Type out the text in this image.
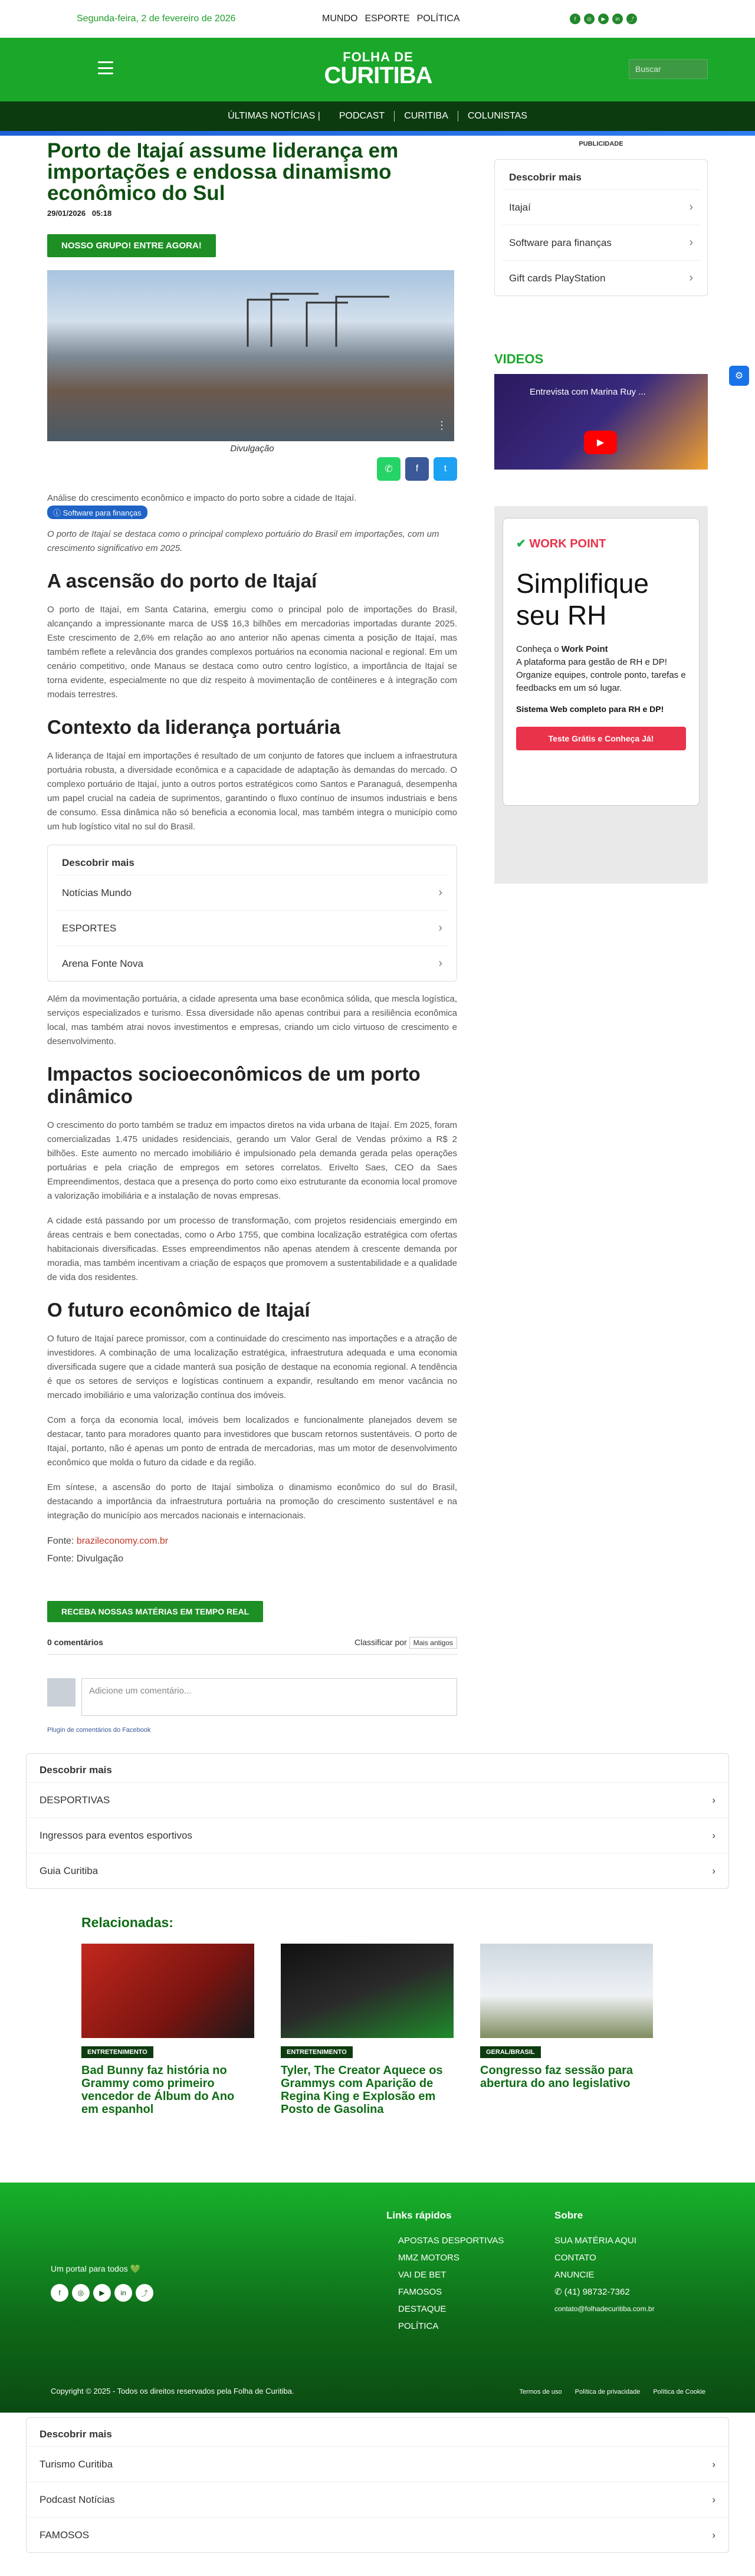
Segunda-feira, 2 de fevereiro de 2026	MUNDO ESPORTE POLÍTICA	f	◎	▶	in	⤴
FOLHA DE
CURITIBA	Buscar
ÚLTIMAS NOTÍCIAS |	PODCAST	CURITIBA	COLUNISTAS
Porto de Itajaí assume liderança em importações e endossa dinamismo econômico do Sul
29/01/2026 05:18
NOSSO GRUPO! ENTRE AGORA!
⋮
Divulgação
✆	f	t

Análise do crescimento econômico e impacto do porto sobre a cidade de Itajaí.

ⓘ Software para finanças

O porto de Itajaí se destaca como o principal complexo portuário do Brasil em importações, com um crescimento significativo em 2025.

A ascensão do porto de Itajaí

O porto de Itajaí, em Santa Catarina, emergiu como o principal polo de importações do Brasil, alcançando a impressionante marca de US$ 16,3 bilhões em mercadorias importadas durante 2025. Este crescimento de 2,6% em relação ao ano anterior não apenas cimenta a posição de Itajaí, mas também reflete a relevância dos grandes complexos portuários na economia nacional e regional. Em um cenário competitivo, onde Manaus se destaca como outro centro logístico, a importância de Itajaí se torna evidente, especialmente no que diz respeito à movimentação de contêineres e à integração com modais terrestres.

Contexto da liderança portuária

A liderança de Itajaí em importações é resultado de um conjunto de fatores que incluem a infraestrutura portuária robusta, a diversidade econômica e a capacidade de adaptação às demandas do mercado. O complexo portuário de Itajaí, junto a outros portos estratégicos como Santos e Paranaguá, desempenha um papel crucial na cadeia de suprimentos, garantindo o fluxo contínuo de insumos industriais e bens de consumo. Essa dinâmica não só beneficia a economia local, mas também integra o município como um hub logístico vital no sul do Brasil.

Descobrir mais
Notícias Mundo	›
ESPORTES	›
Arena Fonte Nova	›

Além da movimentação portuária, a cidade apresenta uma base econômica sólida, que mescla logística, serviços especializados e turismo. Essa diversidade não apenas contribui para a resiliência econômica local, mas também atrai novos investimentos e empresas, criando um ciclo virtuoso de crescimento e desenvolvimento.

Impactos socioeconômicos de um porto dinâmico

O crescimento do porto também se traduz em impactos diretos na vida urbana de Itajaí. Em 2025, foram comercializadas 1.475 unidades residenciais, gerando um Valor Geral de Vendas próximo a R$ 2 bilhões. Este aumento no mercado imobiliário é impulsionado pela demanda gerada pelas operações portuárias e pela criação de empregos em setores correlatos. Erivelto Saes, CEO da Saes Empreendimentos, destaca que a presença do porto como eixo estruturante da economia local promove a valorização imobiliária e a instalação de novas empresas.

A cidade está passando por um processo de transformação, com projetos residenciais emergindo em áreas centrais e bem conectadas, como o Arbo 1755, que combina localização estratégica com ofertas habitacionais diversificadas. Esses empreendimentos não apenas atendem à crescente demanda por moradia, mas também incentivam a criação de espaços que promovem a sustentabilidade e a qualidade de vida dos residentes.

O futuro econômico de Itajaí

O futuro de Itajaí parece promissor, com a continuidade do crescimento nas importações e a atração de investidores. A combinação de uma localização estratégica, infraestrutura adequada e uma economia diversificada sugere que a cidade manterá sua posição de destaque na economia regional. A tendência é que os setores de serviços e logísticas continuem a expandir, resultando em menor vacância no mercado imobiliário e uma valorização contínua dos imóveis.

Com a força da economia local, imóveis bem localizados e funcionalmente planejados devem se destacar, tanto para moradores quanto para investidores que buscam retornos sustentáveis. O porto de Itajaí, portanto, não é apenas um ponto de entrada de mercadorias, mas um motor de desenvolvimento econômico que molda o futuro da cidade e da região.

Em síntese, a ascensão do porto de Itajaí simboliza o dinamismo econômico do sul do Brasil, destacando a importância da infraestrutura portuária na promoção do crescimento sustentável e na integração do município aos mercados nacionais e internacionais.

Fonte: brazileconomy.com.br
Fonte: Divulgação
RECEBA NOSSAS MATÉRIAS EM TEMPO REAL
0 comentários	Classificar por Mais antigos
Adicione um comentário...
Plugin de comentários do Facebook
PUBLICIDADE
Descobrir mais
Itajaí	›
Software para finanças	›
Gift cards PlayStation	›
VIDEOS
Entrevista com Marina Ruy ...
▶
✔ WORK POINT
Simplifique seu RH

Conheça o Work Point
A plataforma para gestão de RH e DP! Organize equipes, controle ponto, tarefas e feedbacks em um só lugar.

Sistema Web completo para RH e DP!

Teste Grátis e Conheça Já!
⚙
Descobrir mais
DESPORTIVAS	›
Ingressos para eventos esportivos	›
Guia Curitiba	›
Relacionadas:
ENTRETENIMENTO
Bad Bunny faz história no Grammy como primeiro vencedor de Álbum do Ano em espanhol
ENTRETENIMENTO
Tyler, The Creator Aquece os Grammys com Aparição de Regina King e Explosão em Posto de Gasolina
GERAL/BRASIL
Congresso faz sessão para abertura do ano legislativo
Um portal para todos 💚
f	◎	▶	in	⤴
Links rápidos
APOSTAS DESPORTIVAS
MMZ MOTORS
VAI DE BET
FAMOSOS
DESTAQUE
POLÍTICA
Sobre
SUA MATÉRIA AQUI
CONTATO
ANUNCIE
✆ (41) 98732-7362
contato@folhadecuritiba.com.br
Copyright © 2025 - Todos os direitos reservados pela Folha de Curitiba.	Termos de uso Política de privacidade Política de Cookie
Descobrir mais
Turismo Curitiba	›
Podcast Notícias	›
FAMOSOS	›
